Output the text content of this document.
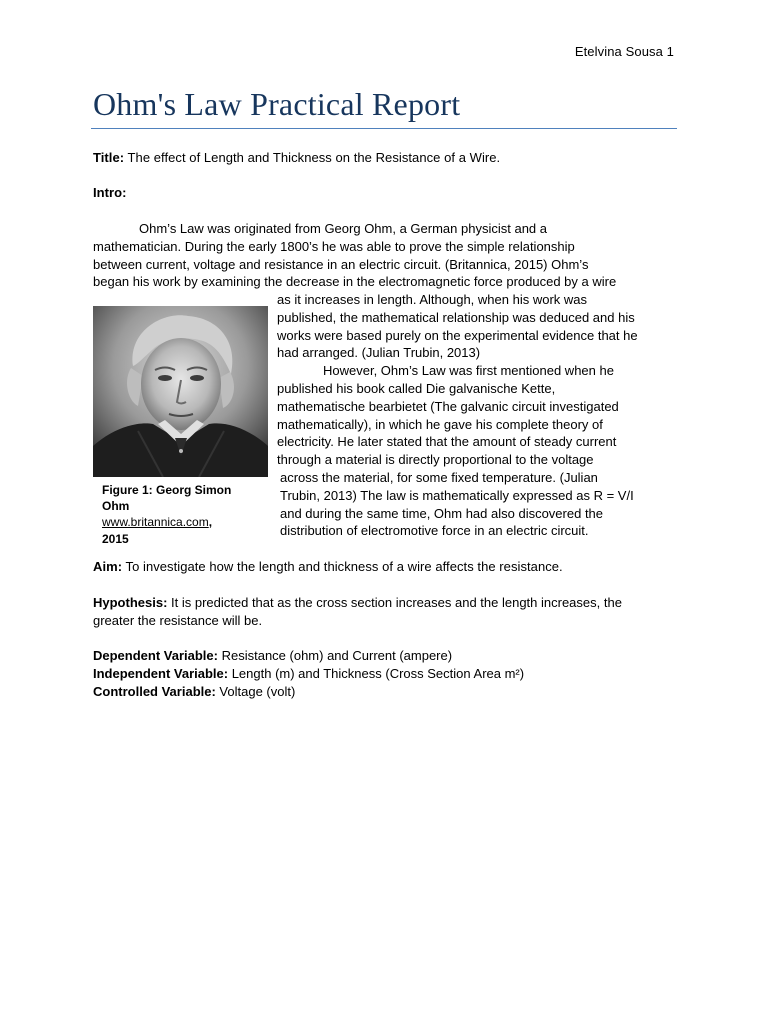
Etelvina Sousa 1
Ohm's Law Practical Report
Title: The effect of Length and Thickness on the Resistance of a Wire.
Intro:
Ohm’s Law was originated from Georg Ohm, a German physicist and a
mathematician. During the early 1800’s he was able to prove the simple relationship
between current, voltage and resistance in an electric circuit. (Britannica, 2015) Ohm’s
began his work by examining the decrease in the electromagnetic force produced by a wire
Figure 1: Georg Simon
Ohm
www.britannica.com,
2015
as it increases in length. Although, when his work was
published, the mathematical relationship was deduced and his
works were based purely on the experimental evidence that he
had arranged. (Julian Trubin, 2013)
However, Ohm’s Law was first mentioned when he
published his book called Die galvanische Kette,
mathematische bearbietet (The galvanic circuit investigated
mathematically), in which he gave his complete theory of
electricity. He later stated that the amount of steady current
through a material is directly proportional to the voltage
across the material, for some fixed temperature. (Julian
Trubin, 2013) The law is mathematically expressed as R = V/I
and during the same time, Ohm had also discovered the
distribution of electromotive force in an electric circuit.
Aim: To investigate how the length and thickness of a wire affects the resistance.
Hypothesis: It is predicted that as the cross section increases and the length increases, the
greater the resistance will be.
Dependent Variable: Resistance (ohm) and Current (ampere)
Independent Variable: Length (m) and Thickness (Cross Section Area m²)
Controlled Variable: Voltage (volt)
